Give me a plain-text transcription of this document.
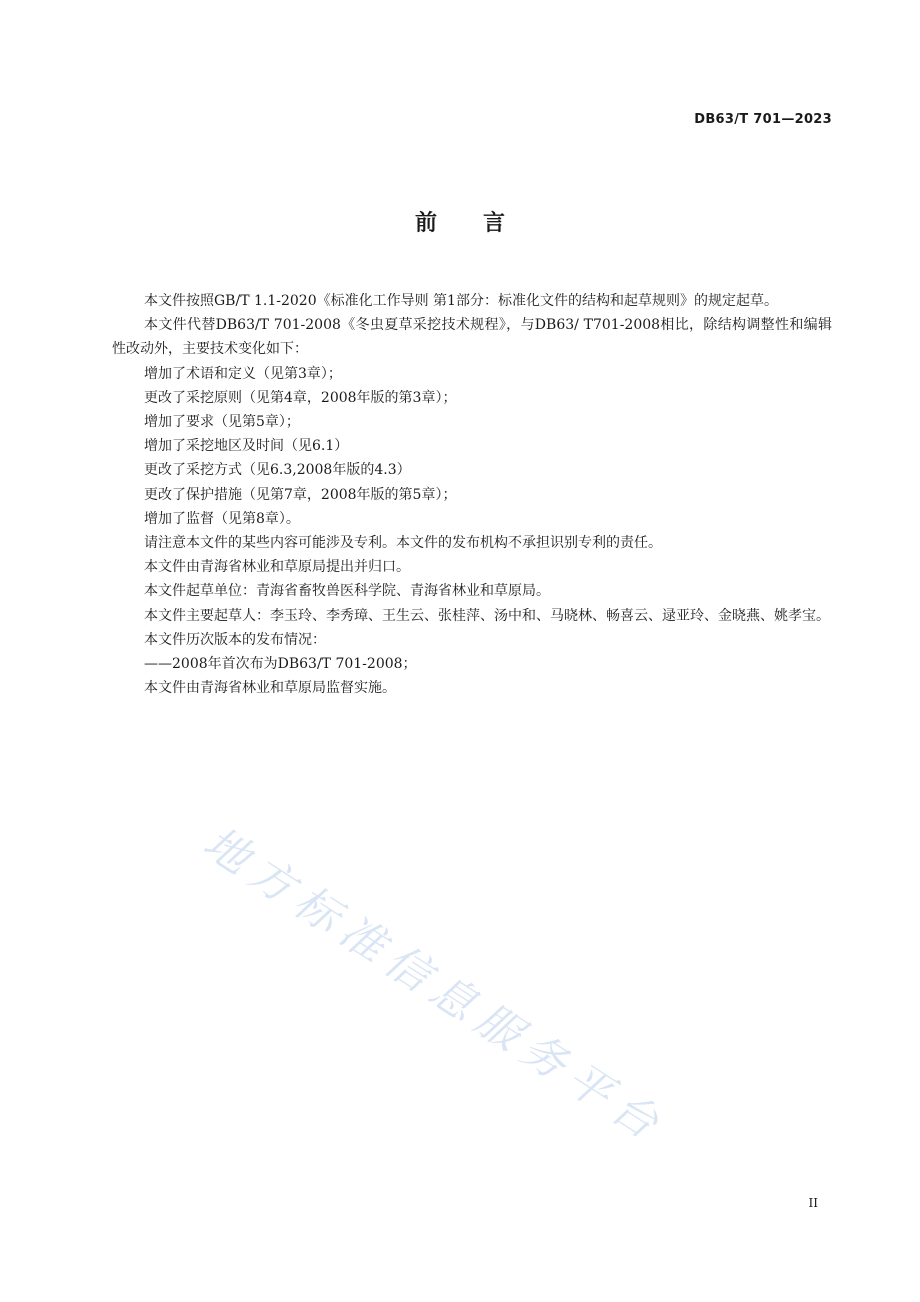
DB63/T 701—2023
前 言

本文件按照GB/T 1.1-2020《标准化工作导则 第1部分：标准化文件的结构和起草规则》的规定起草。

本文件代替DB63/T 701-2008《冬虫夏草采挖技术规程》，与DB63/ T701-2008相比，除结构调整性和编辑性改动外，主要技术变化如下：

增加了术语和定义（见第3章）；

更改了采挖原则（见第4章，2008年版的第3章）；

增加了要求（见第5章）；

增加了采挖地区及时间（见6.1）

更改了采挖方式（见6.3,2008年版的4.3）

更改了保护措施（见第7章，2008年版的第5章）；

增加了监督（见第8章）。

请注意本文件的某些内容可能涉及专利。本文件的发布机构不承担识别专利的责任。

本文件由青海省林业和草原局提出并归口。

本文件起草单位：青海省畜牧兽医科学院、青海省林业和草原局。

本文件主要起草人：李玉玲、李秀璋、王生云、张桂萍、汤中和、马晓林、畅喜云、逯亚玲、金晓燕、姚孝宝。

本文件历次版本的发布情况：

——2008年首次布为DB63/T 701-2008；

本文件由青海省林业和草原局监督实施。

地方标准信息服务平台
II
